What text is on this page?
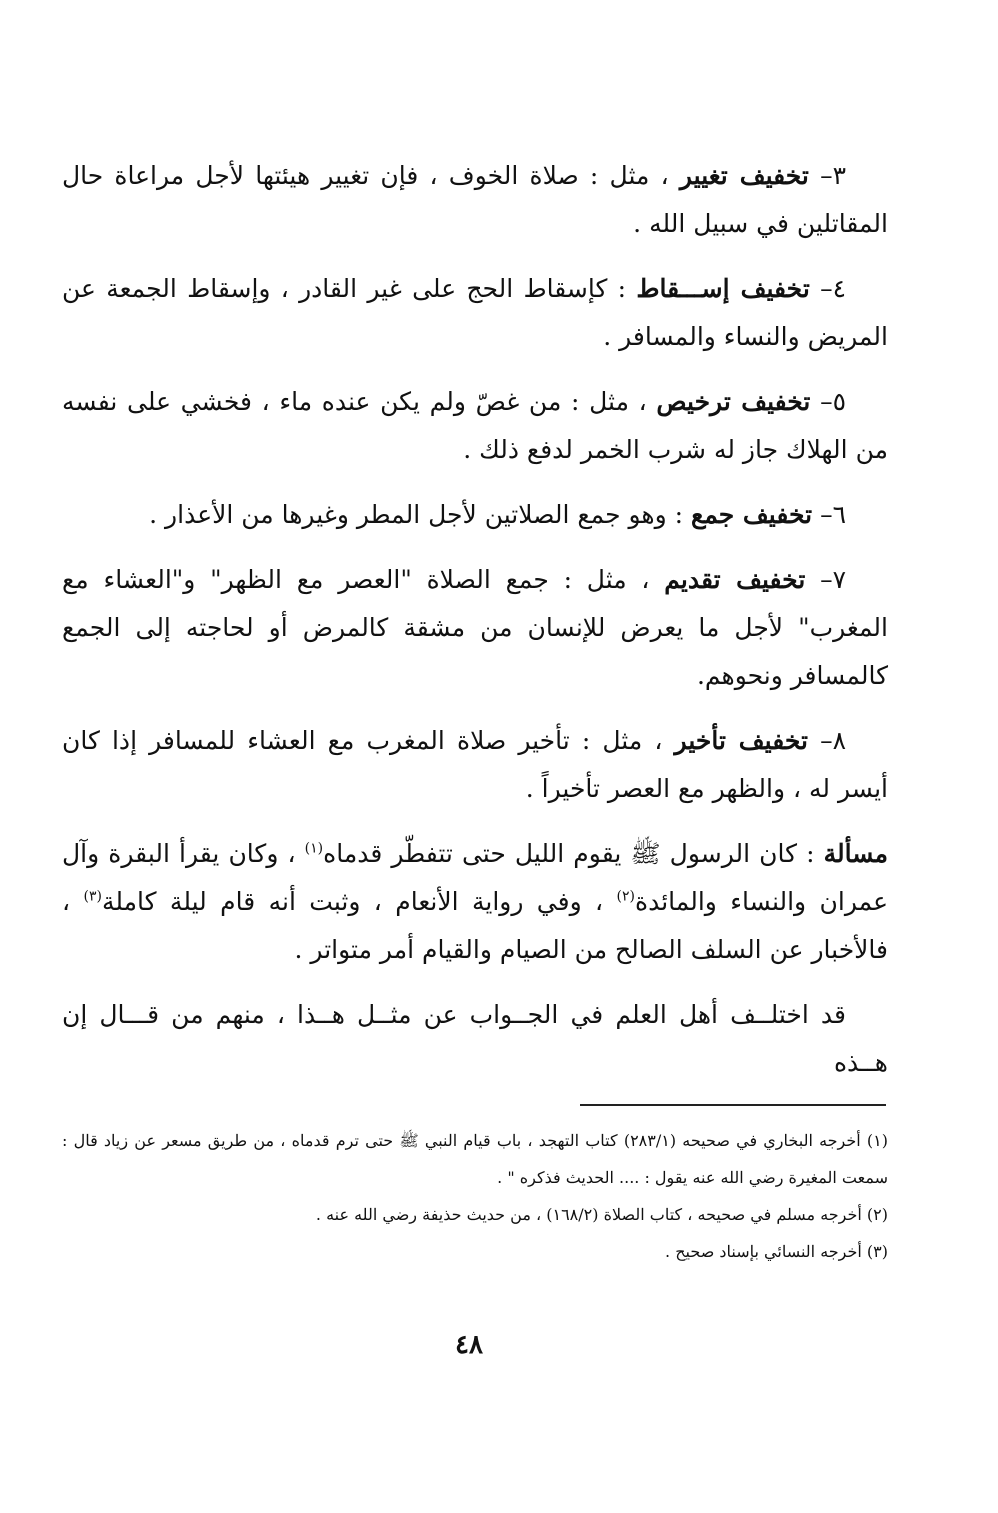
٣– تخفيف تغيير ، مثل : صلاة الخوف ، فإن تغيير هيئتها لأجل مراعاة حال المقاتلين في سبيل الله .

٤– تخفيف إســـقاط : كإسقاط الحج على غير القادر ، وإسقاط الجمعة عن المريض والنساء والمسافر .

٥– تخفيف ترخيص ، مثل : من غصّ ولم يكن عنده ماء ، فخشي على نفسه من الهلاك جاز له شرب الخمر لدفع ذلك .

٦– تخفيف جمع : وهو جمع الصلاتين لأجل المطر وغيرها من الأعذار .

٧– تخفيف تقديم ، مثل : جمع الصلاة "العصر مع الظهر" و"العشاء مع المغرب" لأجل ما يعرض للإنسان من مشقة كالمرض أو لحاجته إلى الجمع كالمسافر ونحوهم.

٨– تخفيف تأخير ، مثل : تأخير صلاة المغرب مع العشاء للمسافر إذا كان أيسر له ، والظهر مع العصر تأخيراً .

مسألة : كان الرسول ﷺ يقوم الليل حتى تتفطّر قدماه$^{(١)}$ ، وكان يقرأ البقرة وآل عمران والنساء والمائدة$^{(٢)}$ ، وفي رواية الأنعام ، وثبت أنه قام ليلة كاملة$^{(٣)}$ ، فالأخبار عن السلف الصالح من الصيام والقيام أمر متواتر .

قد اختلــف أهل العلم في الجــواب عن مثــل هــذا ، منهم من قـــال إن هــذه

(١) أخرجه البخاري في صحيحه (٢٨٣/١) كتاب التهجد ، باب قيام النبي ﷺ حتى ترم قدماه ، من طريق مسعر عن زياد قال : سمعت المغيرة رضي الله عنه يقول : .... الحديث فذكره " .

(٢) أخرجه مسلم في صحيحه ، كتاب الصلاة (١٦٨/٢) ، من حديث حذيفة رضي الله عنه .

(٣) أخرجه النسائي بإسناد صحيح .

٤٨
